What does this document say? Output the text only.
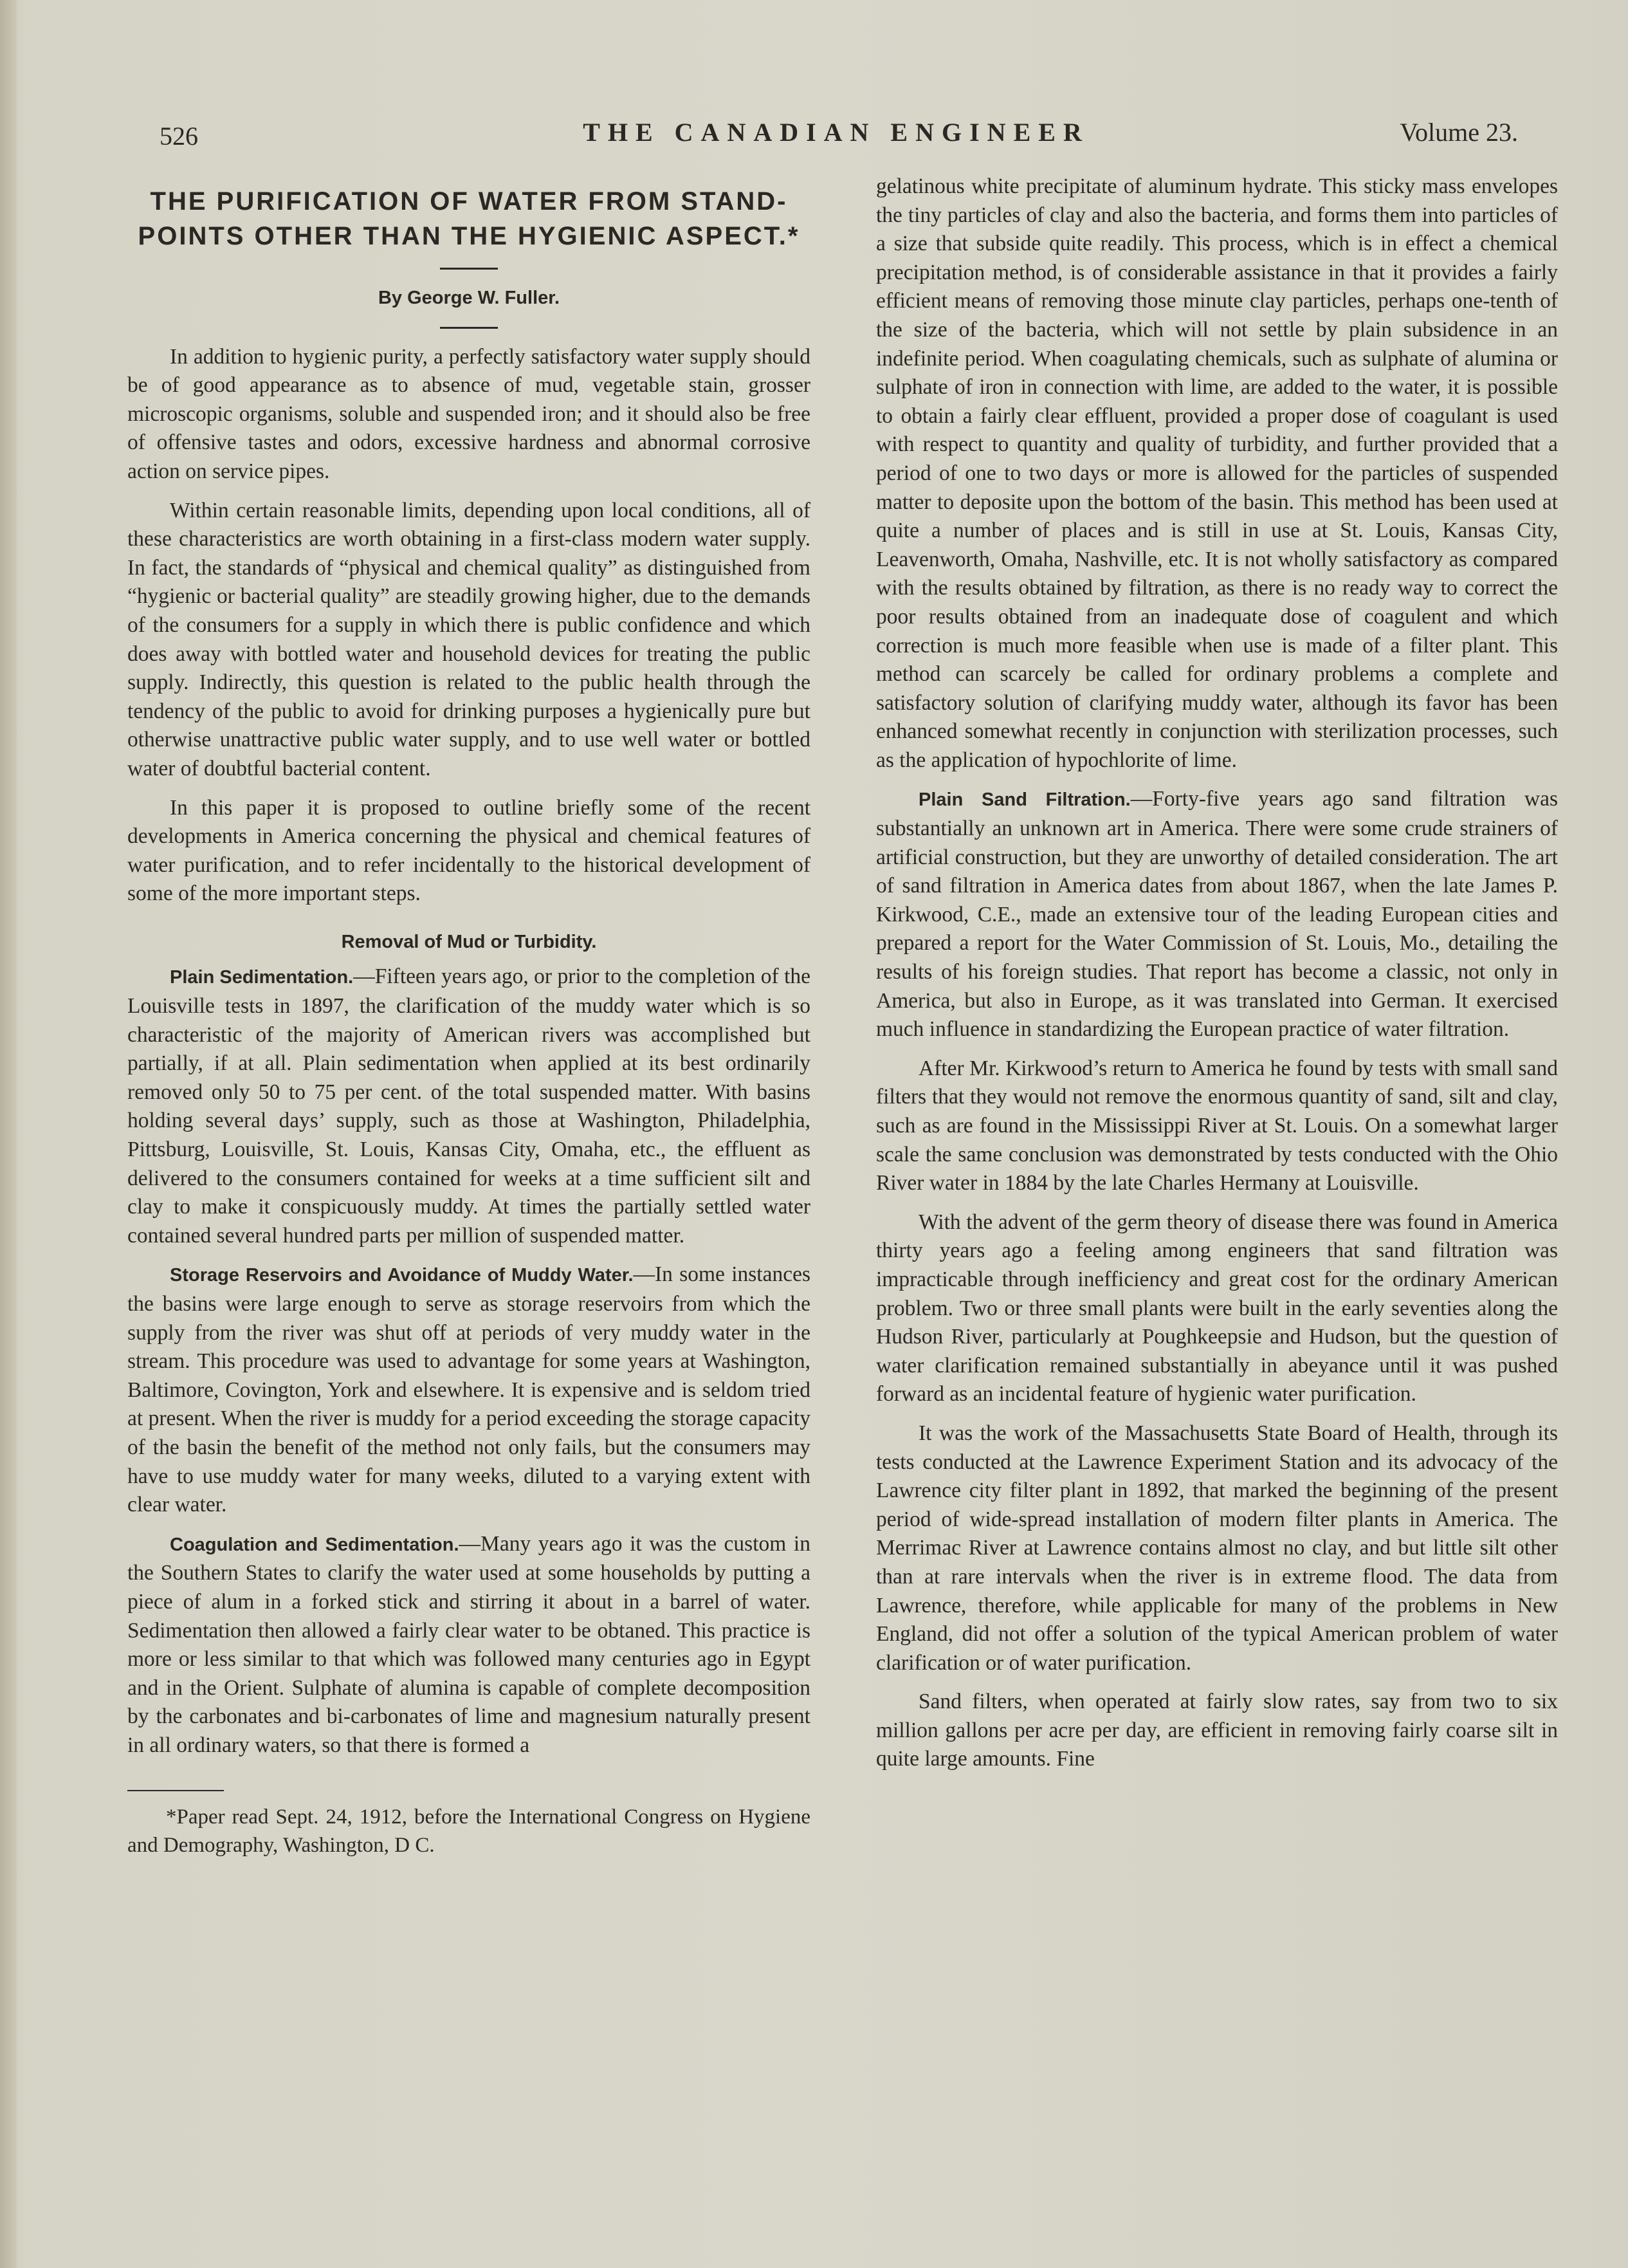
526	THE CANADIAN ENGINEER	Volume 23.
THE PURIFICATION OF WATER FROM STAND-POINTS OTHER THAN THE HYGIENIC ASPECT.*
By George W. Fuller.

In addition to hygienic purity, a perfectly satisfactory water supply should be of good appearance as to absence of mud, vegetable stain, grosser microscopic organisms, soluble and suspended iron; and it should also be free of offensive tastes and odors, excessive hardness and abnormal corrosive action on service pipes.

Within certain reasonable limits, depending upon local conditions, all of these characteristics are worth obtaining in a first-class modern water supply. In fact, the standards of “physical and chemical quality” as distinguished from “hygienic or bacterial quality” are steadily growing higher, due to the demands of the consumers for a supply in which there is public confidence and which does away with bottled water and household devices for treating the public supply. Indirectly, this question is related to the public health through the tendency of the public to avoid for drinking purposes a hygienically pure but otherwise unattractive public water supply, and to use well water or bottled water of doubtful bacterial content.

In this paper it is proposed to outline briefly some of the recent developments in America concerning the physical and chemical features of water purification, and to refer incidentally to the historical development of some of the more important steps.

Removal of Mud or Turbidity.

Plain Sedimentation.—Fifteen years ago, or prior to the completion of the Louisville tests in 1897, the clarification of the muddy water which is so characteristic of the majority of American rivers was accomplished but partially, if at all. Plain sedimentation when applied at its best ordinarily removed only 50 to 75 per cent. of the total suspended matter. With basins holding several days’ supply, such as those at Washington, Philadelphia, Pittsburg, Louisville, St. Louis, Kansas City, Omaha, etc., the effluent as delivered to the consumers contained for weeks at a time sufficient silt and clay to make it conspicuously muddy. At times the partially settled water contained several hundred parts per million of suspended matter.

Storage Reservoirs and Avoidance of Muddy Water.—In some instances the basins were large enough to serve as storage reservoirs from which the supply from the river was shut off at periods of very muddy water in the stream. This procedure was used to advantage for some years at Washington, Baltimore, Covington, York and elsewhere. It is expensive and is seldom tried at present. When the river is muddy for a period exceeding the storage capacity of the basin the benefit of the method not only fails, but the consumers may have to use muddy water for many weeks, diluted to a varying extent with clear water.

Coagulation and Sedimentation.—Many years ago it was the custom in the Southern States to clarify the water used at some households by putting a piece of alum in a forked stick and stirring it about in a barrel of water. Sedimentation then allowed a fairly clear water to be obtaned. This practice is more or less similar to that which was followed many centuries ago in Egypt and in the Orient. Sulphate of alumina is capable of complete decomposition by the carbonates and bi-carbonates of lime and magnesium naturally present in all ordinary waters, so that there is formed a

*Paper read Sept. 24, 1912, before the International Congress on Hygiene and Demography, Washington, D C.

gelatinous white precipitate of aluminum hydrate. This sticky mass envelopes the tiny particles of clay and also the bacteria, and forms them into particles of a size that subside quite readily. This process, which is in effect a chemical precipitation method, is of considerable assistance in that it provides a fairly efficient means of removing those minute clay particles, perhaps one-tenth of the size of the bacteria, which will not settle by plain subsidence in an indefinite period. When coagulating chemicals, such as sulphate of alumina or sulphate of iron in connection with lime, are added to the water, it is possible to obtain a fairly clear effluent, provided a proper dose of coagulant is used with respect to quantity and quality of turbidity, and further provided that a period of one to two days or more is allowed for the particles of suspended matter to deposite upon the bottom of the basin. This method has been used at quite a number of places and is still in use at St. Louis, Kansas City, Leavenworth, Omaha, Nashville, etc. It is not wholly satisfactory as compared with the results obtained by filtration, as there is no ready way to correct the poor results obtained from an inadequate dose of coagulent and which correction is much more feasible when use is made of a filter plant. This method can scarcely be called for ordinary problems a complete and satisfactory solution of clarifying muddy water, although its favor has been enhanced somewhat recently in conjunction with sterilization processes, such as the application of hypochlorite of lime.

Plain Sand Filtration.—Forty-five years ago sand filtration was substantially an unknown art in America. There were some crude strainers of artificial construction, but they are unworthy of detailed consideration. The art of sand filtration in America dates from about 1867, when the late James P. Kirkwood, C.E., made an extensive tour of the leading European cities and prepared a report for the Water Commission of St. Louis, Mo., detailing the results of his foreign studies. That report has become a classic, not only in America, but also in Europe, as it was translated into German. It exercised much influence in standardizing the European practice of water filtration.

After Mr. Kirkwood’s return to America he found by tests with small sand filters that they would not remove the enormous quantity of sand, silt and clay, such as are found in the Mississippi River at St. Louis. On a somewhat larger scale the same conclusion was demonstrated by tests conducted with the Ohio River water in 1884 by the late Charles Hermany at Louisville.

With the advent of the germ theory of disease there was found in America thirty years ago a feeling among engineers that sand filtration was impracticable through inefficiency and great cost for the ordinary American problem. Two or three small plants were built in the early seventies along the Hudson River, particularly at Poughkeepsie and Hudson, but the question of water clarification remained substantially in abeyance until it was pushed forward as an incidental feature of hygienic water purification.

It was the work of the Massachusetts State Board of Health, through its tests conducted at the Lawrence Experiment Station and its advocacy of the Lawrence city filter plant in 1892, that marked the beginning of the present period of wide-spread installation of modern filter plants in America. The Merrimac River at Lawrence contains almost no clay, and but little silt other than at rare intervals when the river is in extreme flood. The data from Lawrence, therefore, while applicable for many of the problems in New England, did not offer a solution of the typical American problem of water clarification or of water purification.

Sand filters, when operated at fairly slow rates, say from two to six million gallons per acre per day, are efficient in removing fairly coarse silt in quite large amounts. Fine
